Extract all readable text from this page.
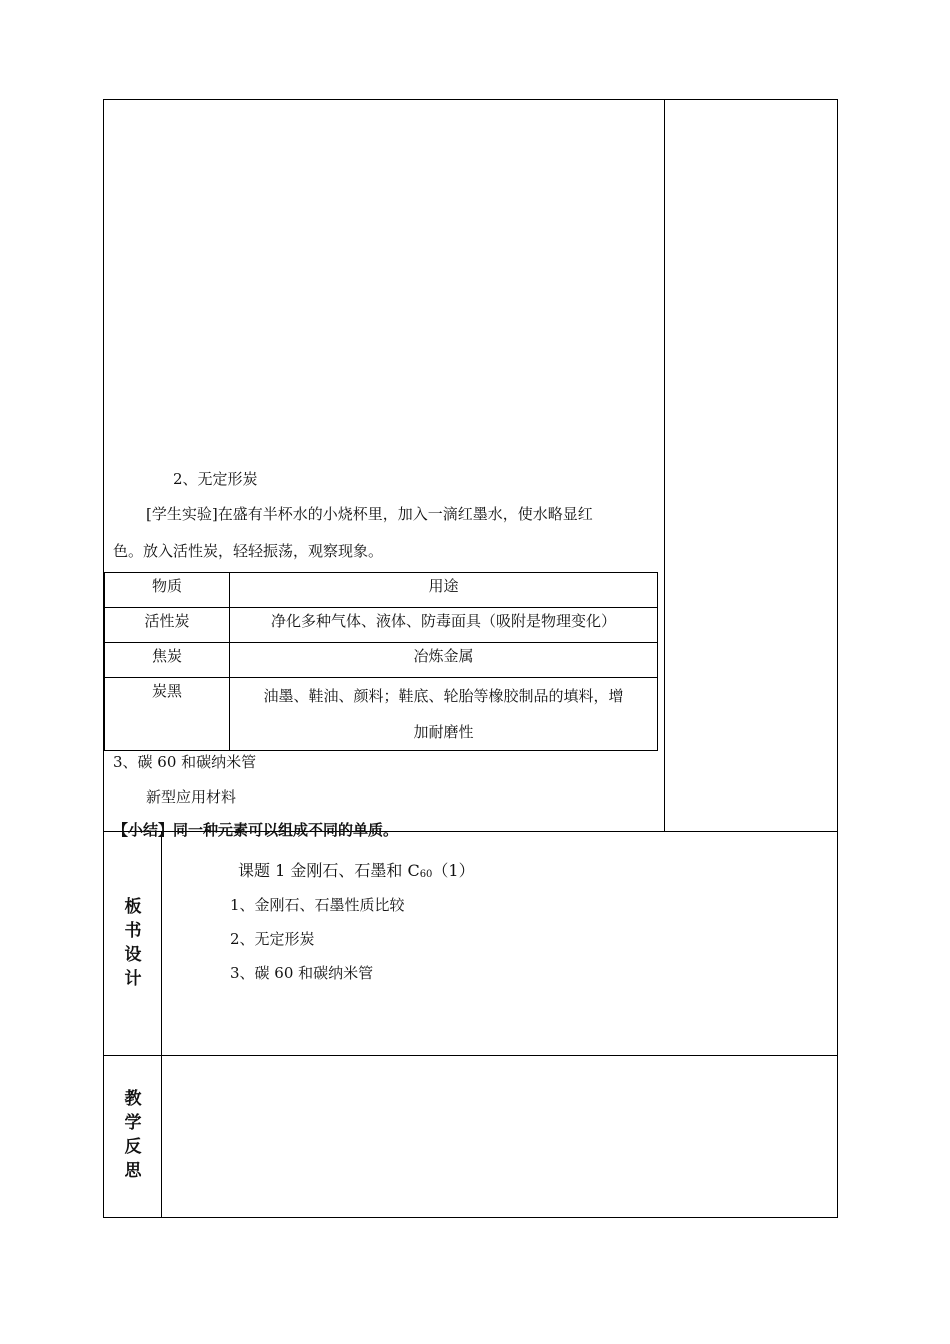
2、无定形炭
[学生实验]在盛有半杯水的小烧杯里，加入一滴红墨水，使水略显红
色。放入活性炭，轻轻振荡，观察现象。
物质	用途
活性炭	净化多种气体、液体、防毒面具（吸附是物理变化）
焦炭	冶炼金属
炭黑	油墨、鞋油、颜料；鞋底、轮胎等橡胶制品的填料，增
加耐磨性
3、碳 60 和碳纳米管
新型应用材料
【小结】同一种元素可以组成不同的单质。
板
书
设
计
课题 1 金刚石、石墨和 $C_{60}(1)$
1、金刚石、石墨性质比较
2、无定形炭
3、碳 60 和碳纳米管
教
学
反
思
